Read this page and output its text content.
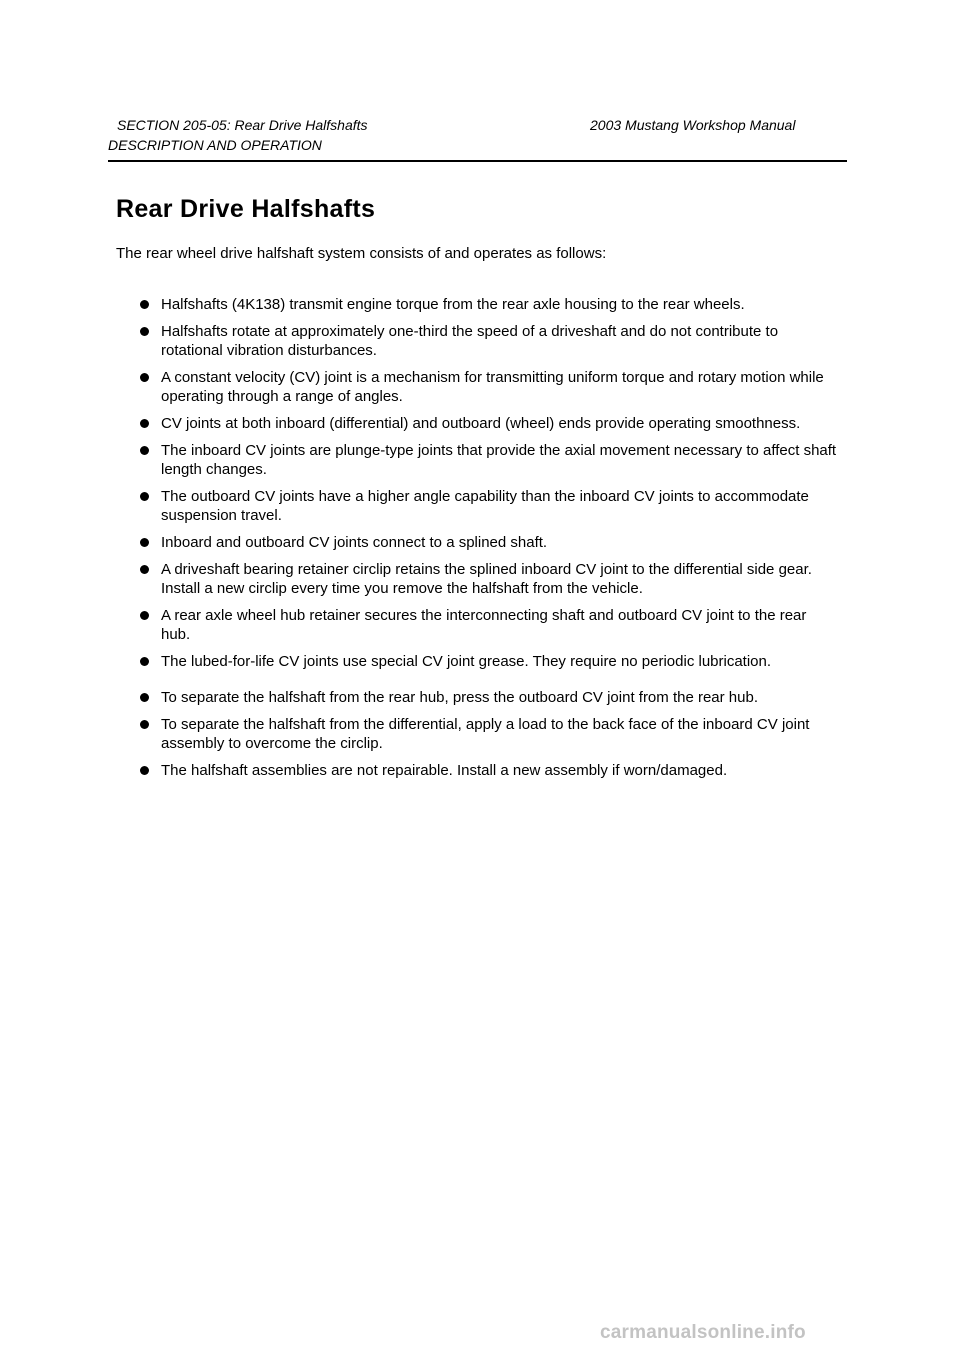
SECTION 205-05: Rear Drive Halfshafts	2003 Mustang Workshop Manual
DESCRIPTION AND OPERATION
Rear Drive Halfshafts

The rear wheel drive halfshaft system consists of and operates as follows:

Halfshafts (4K138) transmit engine torque from the rear axle housing to the rear wheels.
Halfshafts rotate at approximately one-third the speed of a driveshaft and do not contribute to rotational vibration disturbances.
A constant velocity (CV) joint is a mechanism for transmitting uniform torque and rotary motion while operating through a range of angles.
CV joints at both inboard (differential) and outboard (wheel) ends provide operating smoothness.
The inboard CV joints are plunge-type joints that provide the axial movement necessary to affect shaft length changes.
The outboard CV joints have a higher angle capability than the inboard CV joints to accommodate suspension travel.
Inboard and outboard CV joints connect to a splined shaft.
A driveshaft bearing retainer circlip retains the splined inboard CV joint to the differential side gear. Install a new circlip every time you remove the halfshaft from the vehicle.
A rear axle wheel hub retainer secures the interconnecting shaft and outboard CV joint to the rear hub.
The lubed-for-life CV joints use special CV joint grease. They require no periodic lubrication.
To separate the halfshaft from the rear hub, press the outboard CV joint from the rear hub.
To separate the halfshaft from the differential, apply a load to the back face of the inboard CV joint assembly to overcome the circlip.
The halfshaft assemblies are not repairable. Install a new assembly if worn/damaged.
carmanualsonline.info
